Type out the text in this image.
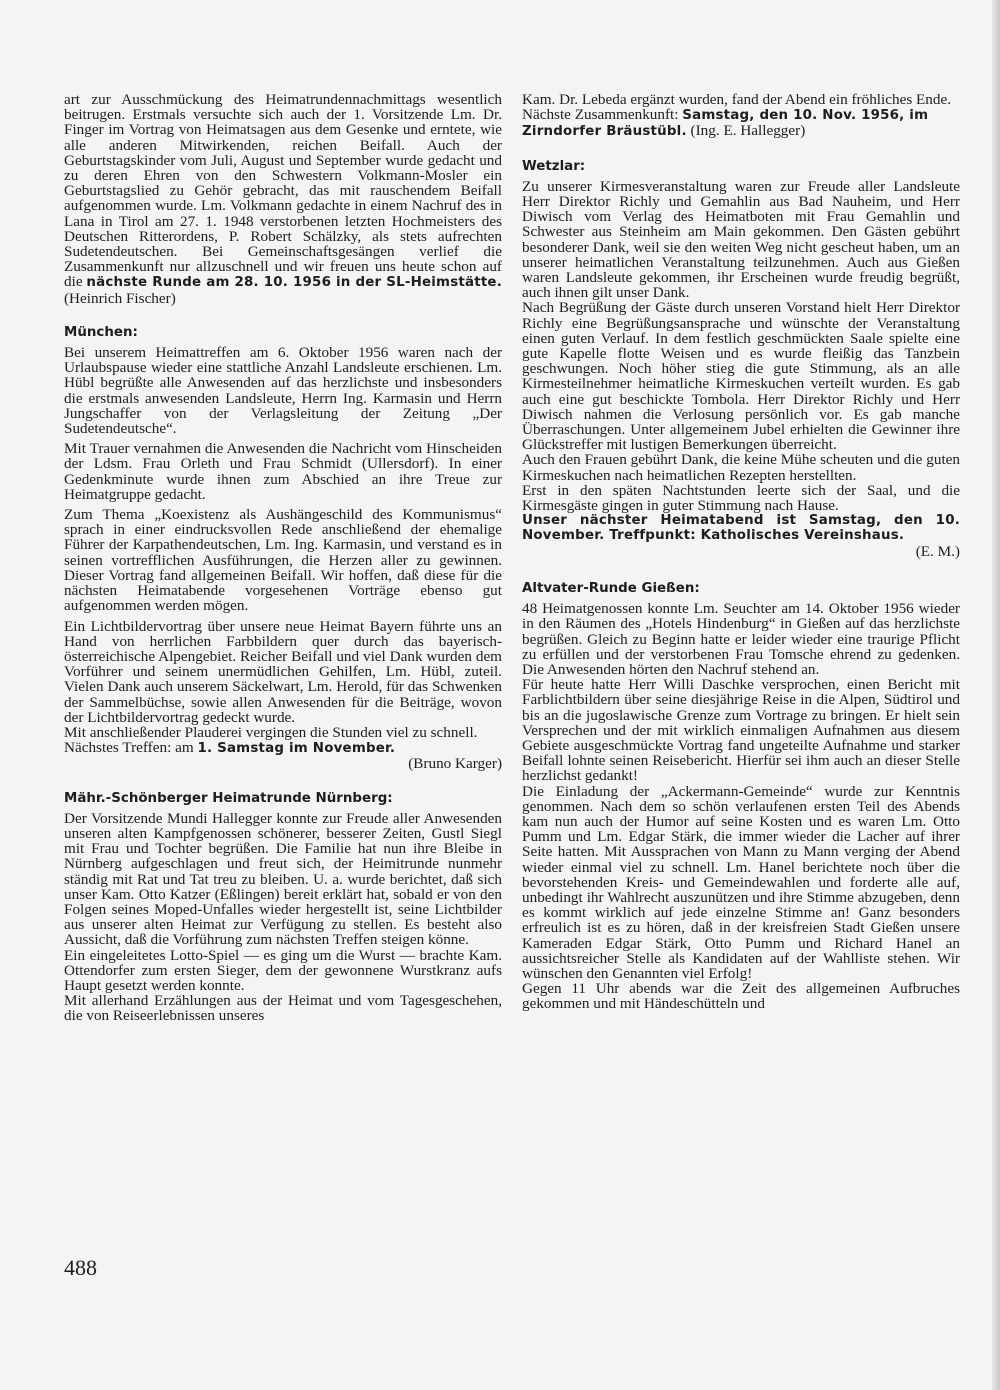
art zur Ausschmückung des Heimatrundennachmittags wesentlich beitrugen. Erstmals versuchte sich auch der 1. Vorsitzende Lm. Dr. Finger im Vortrag von Heimatsagen aus dem Gesenke und erntete, wie alle anderen Mitwirkenden, reichen Beifall. Auch der Geburtstagskinder vom Juli, August und September wurde gedacht und zu deren Ehren von den Schwestern Volkmann-Mosler ein Geburtstagslied zu Gehör gebracht, das mit rauschendem Beifall aufgenommen wurde. Lm. Volkmann gedachte in einem Nachruf des in Lana in Tirol am 27. 1. 1948 verstorbenen letzten Hochmeisters des Deutschen Ritterordens, P. Robert Schälzky, als stets aufrechten Sudetendeutschen. Bei Gemeinschaftsgesängen verlief die Zusammenkunft nur allzuschnell und wir freuen uns heute schon auf die nächste Runde am 28. 10. 1956 in der SL-Heimstätte. (Heinrich Fischer)

München:

Bei unserem Heimattreffen am 6. Oktober 1956 waren nach der Urlaubspause wieder eine stattliche Anzahl Landsleute erschienen. Lm. Hübl begrüßte alle Anwesenden auf das herzlichste und insbesonders die erstmals anwesenden Landsleute, Herrn Ing. Karmasin und Herrn Jungschaffer von der Verlagsleitung der Zeitung „Der Sudetendeutsche“.

Mit Trauer vernahmen die Anwesenden die Nachricht vom Hinscheiden der Ldsm. Frau Orleth und Frau Schmidt (Ullersdorf). In einer Gedenkminute wurde ihnen zum Abschied an ihre Treue zur Heimatgruppe gedacht.

Zum Thema „Koexistenz als Aushängeschild des Kommunismus“ sprach in einer eindrucksvollen Rede anschließend der ehemalige Führer der Karpathendeutschen, Lm. Ing. Karmasin, und verstand es in seinen vortrefflichen Ausführungen, die Herzen aller zu gewinnen. Dieser Vortrag fand allgemeinen Beifall. Wir hoffen, daß diese für die nächsten Heimatabende vorgesehenen Vorträge ebenso gut aufgenommen werden mögen.

Ein Lichtbildervortrag über unsere neue Heimat Bayern führte uns an Hand von herrlichen Farbbildern quer durch das bayerisch-österreichische Alpengebiet. Reicher Beifall und viel Dank wurden dem Vorführer und seinem unermüdlichen Gehilfen, Lm. Hübl, zuteil. Vielen Dank auch unserem Säckelwart, Lm. Herold, für das Schwenken der Sammelbüchse, sowie allen Anwesenden für die Beiträge, wovon der Lichtbildervortrag gedeckt wurde.

Mit anschließender Plauderei vergingen die Stunden viel zu schnell.

Nächstes Treffen: am 1. Samstag im November.

(Bruno Karger)

Mähr.-Schönberger Heimatrunde Nürnberg:

Der Vorsitzende Mundi Hallegger konnte zur Freude aller Anwesenden unseren alten Kampfgenossen schönerer, besserer Zeiten, Gustl Siegl mit Frau und Tochter begrüßen. Die Familie hat nun ihre Bleibe in Nürnberg aufgeschlagen und freut sich, der Heimitrunde nunmehr ständig mit Rat und Tat treu zu bleiben. U. a. wurde berichtet, daß sich unser Kam. Otto Katzer (Eßlingen) bereit erklärt hat, sobald er von den Folgen seines Moped-Unfalles wieder hergestellt ist, seine Lichtbilder aus unserer alten Heimat zur Verfügung zu stellen. Es besteht also Aussicht, daß die Vorführung zum nächsten Treffen steigen könne.

Ein eingeleitetes Lotto-Spiel — es ging um die Wurst — brachte Kam. Ottendorfer zum ersten Sieger, dem der gewonnene Wurstkranz aufs Haupt gesetzt werden konnte.

Mit allerhand Erzählungen aus der Heimat und vom Tagesgeschehen, die von Reiseerlebnissen unseres

Kam. Dr. Lebeda ergänzt wurden, fand der Abend ein fröhliches Ende.

Nächste Zusammenkunft: Samstag, den 10. Nov. 1956, im Zirndorfer Bräustübl. (Ing. E. Hallegger)

Wetzlar:

Zu unserer Kirmesveranstaltung waren zur Freude aller Landsleute Herr Direktor Richly und Gemahlin aus Bad Nauheim, und Herr Diwisch vom Verlag des Heimatboten mit Frau Gemahlin und Schwester aus Steinheim am Main gekommen. Den Gästen gebührt besonderer Dank, weil sie den weiten Weg nicht gescheut haben, um an unserer heimatlichen Veranstaltung teilzunehmen. Auch aus Gießen waren Landsleute gekommen, ihr Erscheinen wurde freudig begrüßt, auch ihnen gilt unser Dank.

Nach Begrüßung der Gäste durch unseren Vorstand hielt Herr Direktor Richly eine Begrüßungsansprache und wünschte der Veranstaltung einen guten Verlauf. In dem festlich geschmückten Saale spielte eine gute Kapelle flotte Weisen und es wurde fleißig das Tanzbein geschwungen. Noch höher stieg die gute Stimmung, als an alle Kirmesteilnehmer heimatliche Kirmeskuchen verteilt wurden. Es gab auch eine gut beschickte Tombola. Herr Direktor Richly und Herr Diwisch nahmen die Verlosung persönlich vor. Es gab manche Überraschungen. Unter allgemeinem Jubel erhielten die Gewinner ihre Glückstreffer mit lustigen Bemerkungen überreicht.

Auch den Frauen gebührt Dank, die keine Mühe scheuten und die guten Kirmeskuchen nach heimatlichen Rezepten herstellten.

Erst in den späten Nachtstunden leerte sich der Saal, und die Kirmesgäste gingen in guter Stimmung nach Hause.

Unser nächster Heimatabend ist Samstag, den 10. November. Treffpunkt: Katholisches Vereinshaus.

(E. M.)

Altvater-Runde Gießen:

48 Heimatgenossen konnte Lm. Seuchter am 14. Oktober 1956 wieder in den Räumen des „Hotels Hindenburg“ in Gießen auf das herzlichste begrüßen. Gleich zu Beginn hatte er leider wieder eine traurige Pflicht zu erfüllen und der verstorbenen Frau Tomsche ehrend zu gedenken. Die Anwesenden hörten den Nachruf stehend an.

Für heute hatte Herr Willi Daschke versprochen, einen Bericht mit Farblichtbildern über seine diesjährige Reise in die Alpen, Südtirol und bis an die jugoslawische Grenze zum Vortrage zu bringen. Er hielt sein Versprechen und der mit wirklich einmaligen Aufnahmen aus diesem Gebiete ausgeschmückte Vortrag fand ungeteilte Aufnahme und starker Beifall lohnte seinen Reisebericht. Hierfür sei ihm auch an dieser Stelle herzlichst gedankt!

Die Einladung der „Ackermann-Gemeinde“ wurde zur Kenntnis genommen. Nach dem so schön verlaufenen ersten Teil des Abends kam nun auch der Humor auf seine Kosten und es waren Lm. Otto Pumm und Lm. Edgar Stärk, die immer wieder die Lacher auf ihrer Seite hatten. Mit Aussprachen von Mann zu Mann verging der Abend wieder einmal viel zu schnell. Lm. Hanel berichtete noch über die bevorstehenden Kreis- und Gemeindewahlen und forderte alle auf, unbedingt ihr Wahlrecht auszunützen und ihre Stimme abzugeben, denn es kommt wirklich auf jede einzelne Stimme an! Ganz besonders erfreulich ist es zu hören, daß in der kreisfreien Stadt Gießen unsere Kameraden Edgar Stärk, Otto Pumm und Richard Hanel an aussichtsreicher Stelle als Kandidaten auf der Wahlliste stehen. Wir wünschen den Genannten viel Erfolg!

Gegen 11 Uhr abends war die Zeit des allgemeinen Aufbruches gekommen und mit Händeschütteln und

488
